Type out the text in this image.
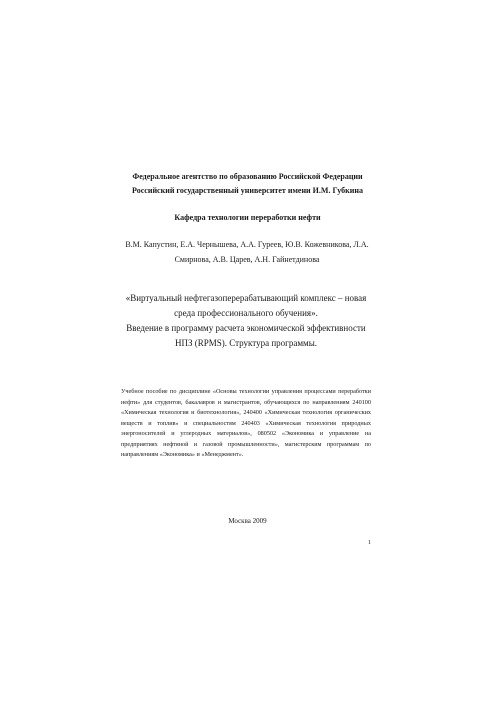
Федеральное агентство по образованию Российской Федерации
Российский государственный университет имени И.М. Губкина
Кафедра технологии переработки нефти
В.М. Капустин, Е.А. Чернышева, А.А. Гуреев, Ю.В. Кожевникова, Л.А.
Смирнова, А.В. Царев, А.Н. Гайнетдинова
«Виртуальный нефтегазоперерабатывающий комплекс – новая
среда профессионального обучения».
Введение в программу расчета экономической эффективности
НПЗ (RPMS). Структура программы.
Учебное пособие по дисциплине «Основы технологии управления процессами переработки нефти» для студентов, бакалавров и магистрантов, обучающихся по направлениям 240100 «Химическая технология и биотехнология», 240400 «Химическая технология органических веществ и топлив» и специальностям 240403 «Химическая технология природных энергоносителей и углеродных материалов», 080502 «Экономика и управление на предприятиях нефтяной и газовой промышленности», магистерским программам по направлениям «Экономика» и «Менеджмент».
Москва 2009
1
